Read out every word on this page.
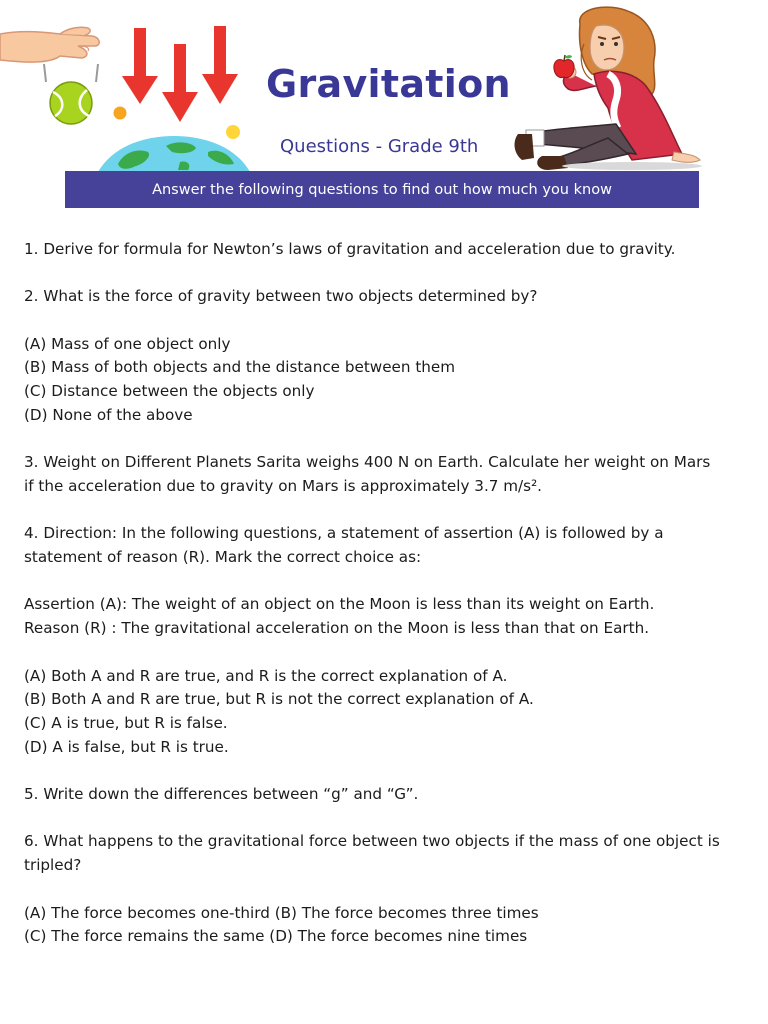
Gravitation
Questions - Grade 9th
Answer the following questions to find out how much you know

1. Derive for formula for Newton’s laws of gravitation and acceleration due to gravity.

2. What is the force of gravity between two objects determined by?

(A) Mass of one object only

(B) Mass of both objects and the distance between them

(C) Distance between the objects only

(D) None of the above

3. Weight on Different Planets Sarita weighs 400 N on Earth. Calculate her weight on Mars

if the acceleration due to gravity on Mars is approximately 3.7 m/s².

4. Direction: In the following questions, a statement of assertion (A) is followed by a

statement of reason (R). Mark the correct choice as:

Assertion (A): The weight of an object on the Moon is less than its weight on Earth.

Reason (R) : The gravitational acceleration on the Moon is less than that on Earth.

(A) Both A and R are true, and R is the correct explanation of A.

(B) Both A and R are true, but R is not the correct explanation of A.

(C) A is true, but R is false.

(D) A is false, but R is true.

5. Write down the differences between “g” and “G”.

6. What happens to the gravitational force between two objects if the mass of one object is

tripled?

(A) The force becomes one-third (B) The force becomes three times

(C) The force remains the same (D) The force becomes nine times
